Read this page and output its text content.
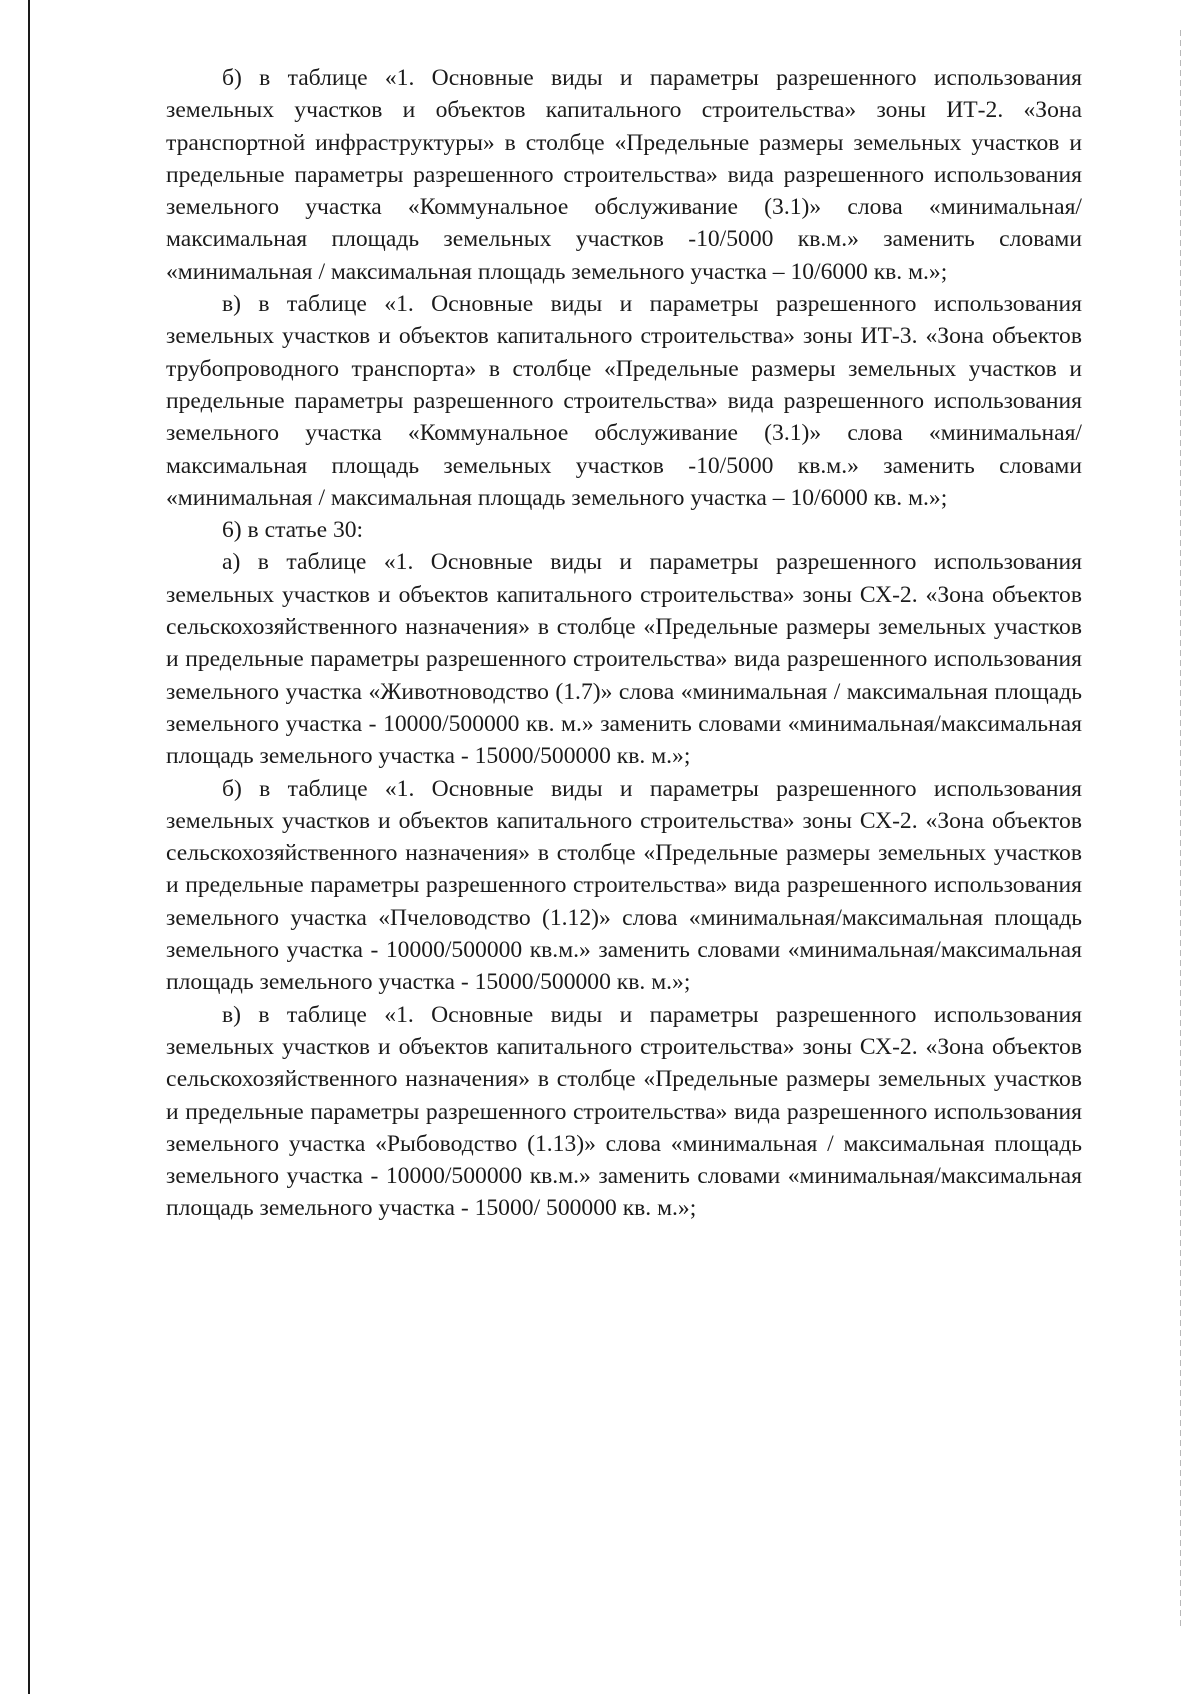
б) в таблице «1. Основные виды и параметры разрешенного использования земельных участков и объектов капитального строительства» зоны ИТ-2. «Зона транспортной инфраструктуры» в столбце «Предельные размеры земельных участков и предельные параметры разрешенного строительства» вида разрешенного использования земельного участка «Коммунальное обслуживание (3.1)» слова «минимальная/максимальная площадь земельных участков -10/5000 кв.м.» заменить словами «минимальная / максимальная площадь земельного участка – 10/6000 кв. м.»;

в) в таблице «1. Основные виды и параметры разрешенного использования земельных участков и объектов капитального строительства» зоны ИТ-3. «Зона объектов трубопроводного транспорта» в столбце «Предельные размеры земельных участков и предельные параметры разрешенного строительства» вида разрешенного использования земельного участка «Коммунальное обслуживание (3.1)» слова «минимальная/максимальная площадь земельных участков -10/5000 кв.м.» заменить словами «минимальная / максимальная площадь земельного участка – 10/6000 кв. м.»;

6) в статье 30:

а) в таблице «1. Основные виды и параметры разрешенного использования земельных участков и объектов капитального строительства» зоны СХ-2. «Зона объектов сельскохозяйственного назначения» в столбце «Предельные размеры земельных участков и предельные параметры разрешенного строительства» вида разрешенного использования земельного участка «Животноводство (1.7)» слова «минимальная / максимальная площадь земельного участка - 10000/500000 кв. м.» заменить словами «минимальная/максимальная площадь земельного участка - 15000/500000 кв. м.»;

б) в таблице «1. Основные виды и параметры разрешенного использования земельных участков и объектов капитального строительства» зоны СХ-2. «Зона объектов сельскохозяйственного назначения» в столбце «Предельные размеры земельных участков и предельные параметры разрешенного строительства» вида разрешенного использования земельного участка «Пчеловодство (1.12)» слова «минимальная/максимальная площадь земельного участка - 10000/500000 кв.м.» заменить словами «минимальная/максимальная площадь земельного участка - 15000/500000 кв. м.»;

в) в таблице «1. Основные виды и параметры разрешенного использования земельных участков и объектов капитального строительства» зоны СХ-2. «Зона объектов сельскохозяйственного назначения» в столбце «Предельные размеры земельных участков и предельные параметры разрешенного строительства» вида разрешенного использования земельного участка «Рыбоводство (1.13)» слова «минимальная / максимальная площадь земельного участка - 10000/500000 кв.м.» заменить словами «минимальная/максимальная площадь земельного участка - 15000/ 500000 кв. м.»;
